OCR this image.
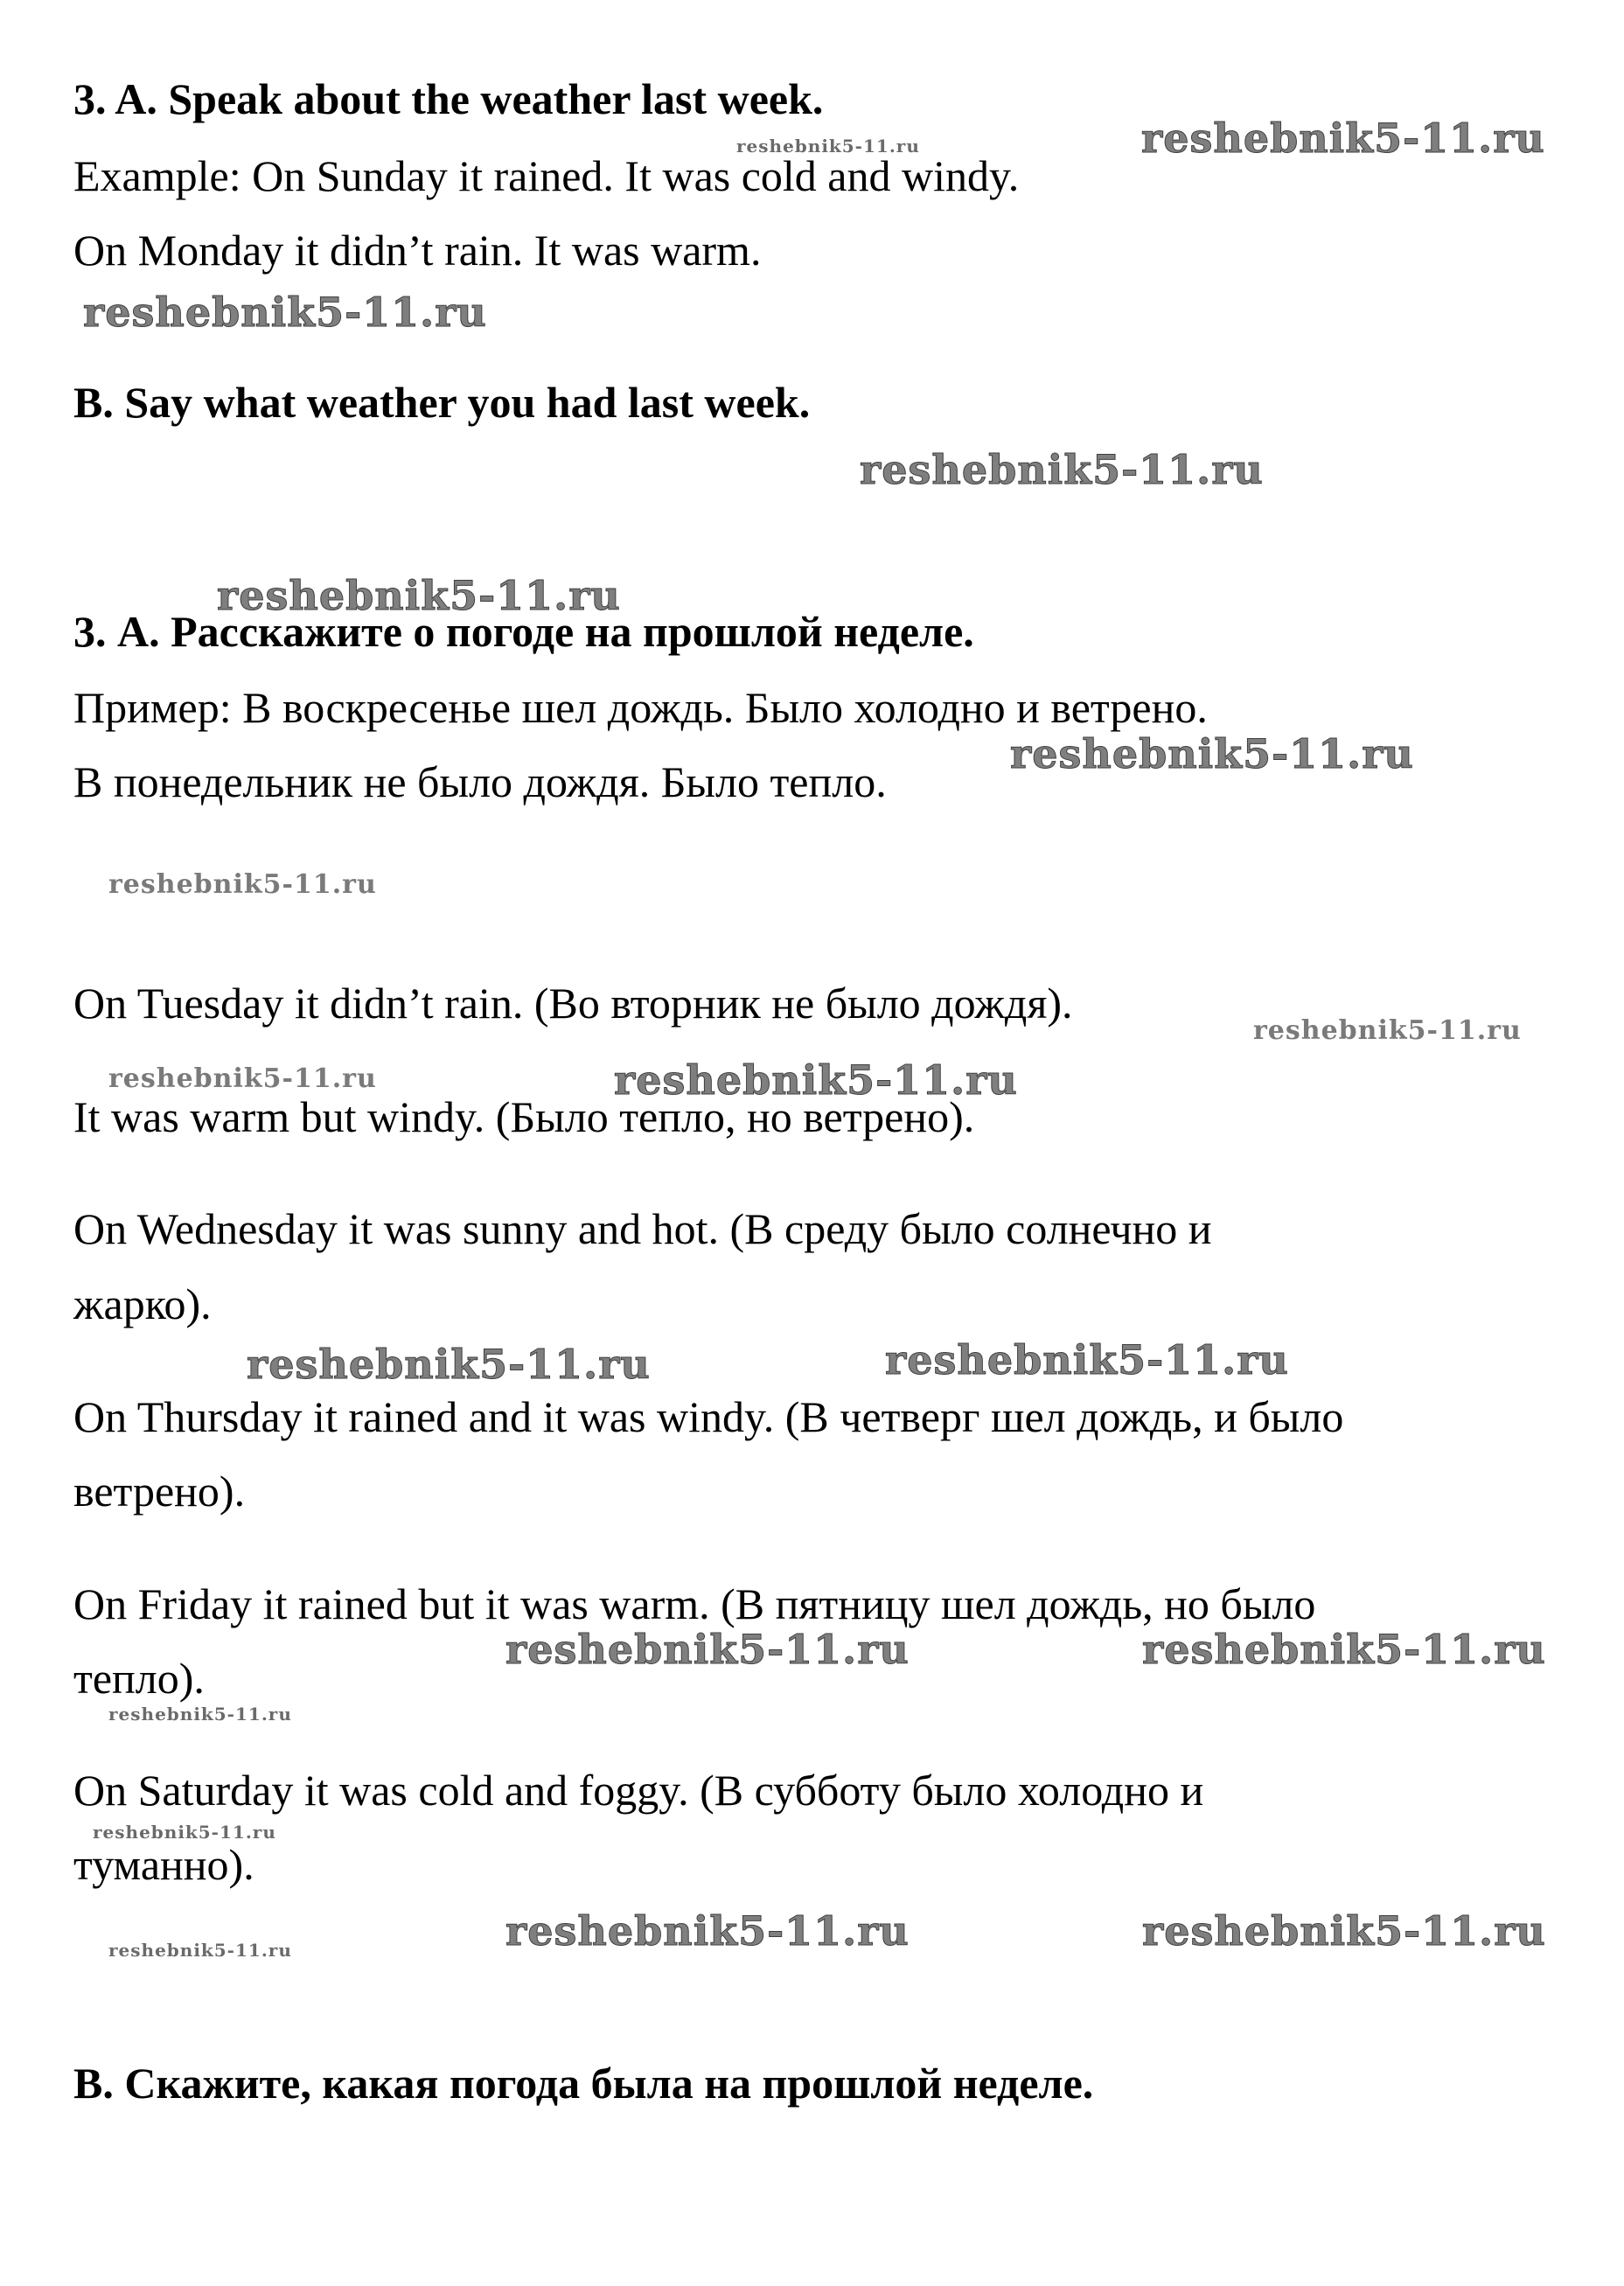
3. A. Speak about the weather last week.

Example: On Sunday it rained. It was cold and windy.

On Monday it didn’t rain. It was warm.

B. Say what weather you had last week.

3. А. Расскажите о погоде на прошлой неделе.

Пример: В воскресенье шел дождь. Было холодно и ветрено.

В понедельник не было дождя. Было тепло.

On Tuesday it didn’t rain. (Во вторник не было дождя).

It was warm but windy. (Было тепло, но ветрено).

On Wednesday it was sunny and hot. (В среду было солнечно и

жарко).

On Thursday it rained and it was windy. (В четверг шел дождь, и было

ветрено).

On Friday it rained but it was warm. (В пятницу шел дождь, но было

тепло).

On Saturday it was cold and foggy. (В субботу было холодно и

туманно).

B. Скажите, какая погода была на прошлой неделе.

reshebnik5-11.ru
reshebnik5-11.ru
reshebnik5-11.ru
reshebnik5-11.ru
reshebnik5-11.ru
reshebnik5-11.ru
reshebnik5-11.ru
reshebnik5-11.ru
reshebnik5-11.ru	reshebnik5-11.ru
reshebnik5-11.ru	reshebnik5-11.ru
reshebnik5-11.ru	reshebnik5-11.ru
reshebnik5-11.ru
reshebnik5-11.ru
reshebnik5-11.ru	reshebnik5-11.ru
reshebnik5-11.ru
